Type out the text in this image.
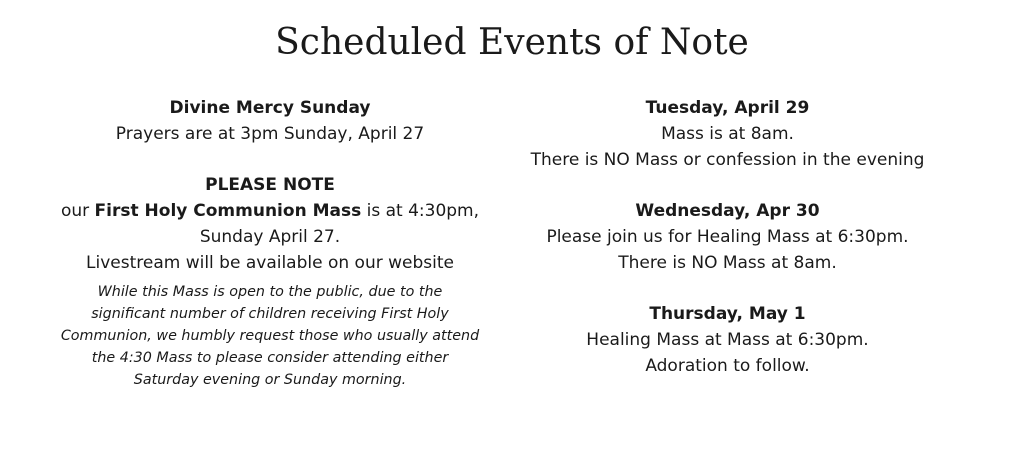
Scheduled Events of Note

Divine Mercy Sunday

Prayers are at 3pm Sunday, April 27

PLEASE NOTE

our First Holy Communion Mass is at 4:30pm, Sunday April 27.

Livestream will be available on our website

While this Mass is open to the public, due to the significant number of children receiving First Holy Communion, we humbly request those who usually attend the 4:30 Mass to please consider attending either Saturday evening or Sunday morning.

Tuesday, April 29

Mass is at 8am.

There is NO Mass or confession in the evening

Wednesday, Apr 30

Please join us for Healing Mass at 6:30pm.

There is NO Mass at 8am.

Thursday, May 1

Healing Mass at Mass at 6:30pm.

Adoration to follow.
